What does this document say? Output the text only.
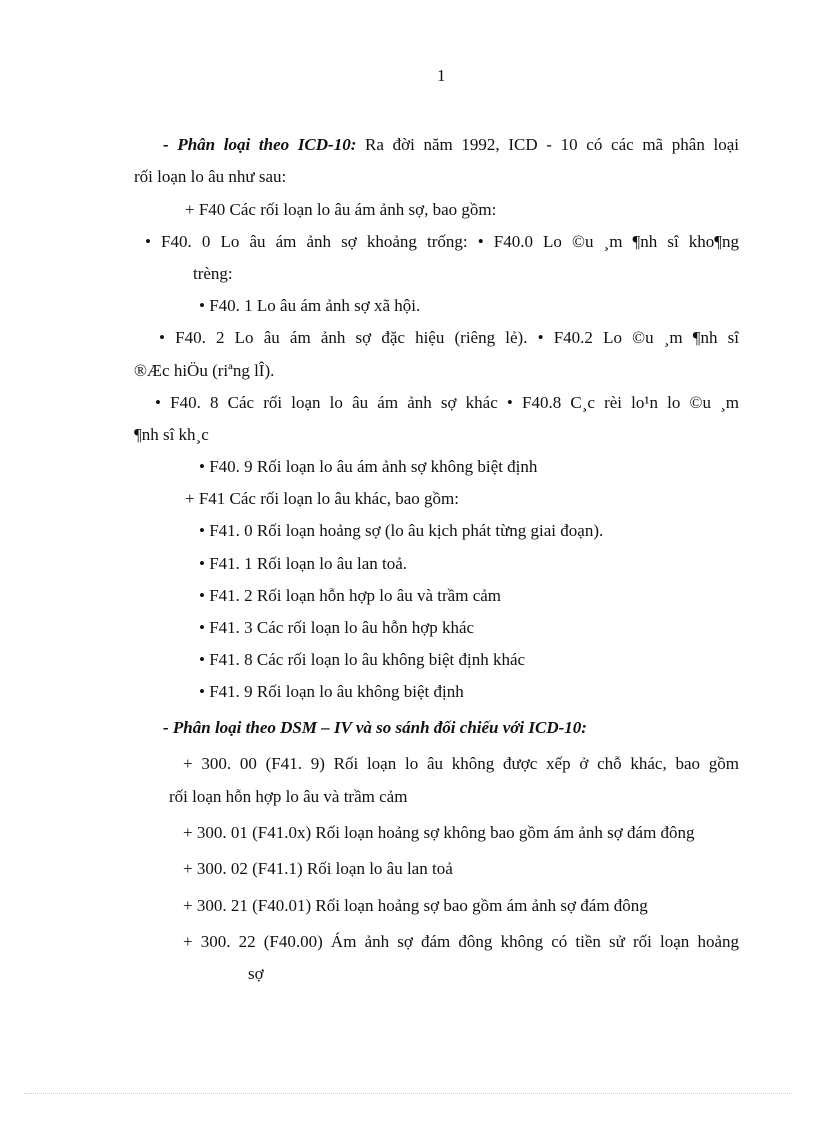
1
- Phân loại theo ICD-10: Ra đời năm 1992, ICD - 10 có các mã phân loại
rối loạn lo âu như sau:
+ F40 Các rối loạn lo âu ám ảnh sợ, bao gồm:
• F40. 0 Lo âu ám ảnh sợ khoảng trống: • F40.0 Lo ©u ¸m ¶nh sî kho¶ng
trèng:
• F40. 1 Lo âu ám ảnh sợ xã hội.
• F40. 2 Lo âu ám ảnh sợ đặc hiệu (riêng lẻ). • F40.2 Lo ©u ¸m ¶nh sî
®Æc hiÖu (riªng lÎ).
• F40. 8 Các rối loạn lo âu ám ảnh sợ khác • F40.8 C¸c rèi lo¹n lo ©u ¸m
¶nh sî kh¸c
• F40. 9 Rối loạn lo âu ám ảnh sợ không biệt định
+ F41 Các rối loạn lo âu khác, bao gồm:
• F41. 0 Rối loạn hoảng sợ (lo âu kịch phát từng giai đoạn).
• F41. 1 Rối loạn lo âu lan toả.
• F41. 2 Rối loạn hỗn hợp lo âu và trầm cảm
• F41. 3 Các rối loạn lo âu hỗn hợp khác
• F41. 8 Các rối loạn lo âu không biệt định khác
• F41. 9 Rối loạn lo âu không biệt định
- Phân loại theo DSM – IV và so sánh đối chiếu với ICD-10:
+ 300. 00 (F41. 9) Rối loạn lo âu không được xếp ở chỗ khác, bao gồm
rối loạn hỗn hợp lo âu và trầm cảm
+ 300. 01 (F41.0x) Rối loạn hoảng sợ không bao gồm ám ảnh sợ đám đông
+ 300. 02 (F41.1) Rối loạn lo âu lan toả
+ 300. 21 (F40.01) Rối loạn hoảng sợ bao gồm ám ảnh sợ đám đông
+ 300. 22 (F40.00) Ám ảnh sợ đám đông không có tiền sử rối loạn hoảng
sợ
